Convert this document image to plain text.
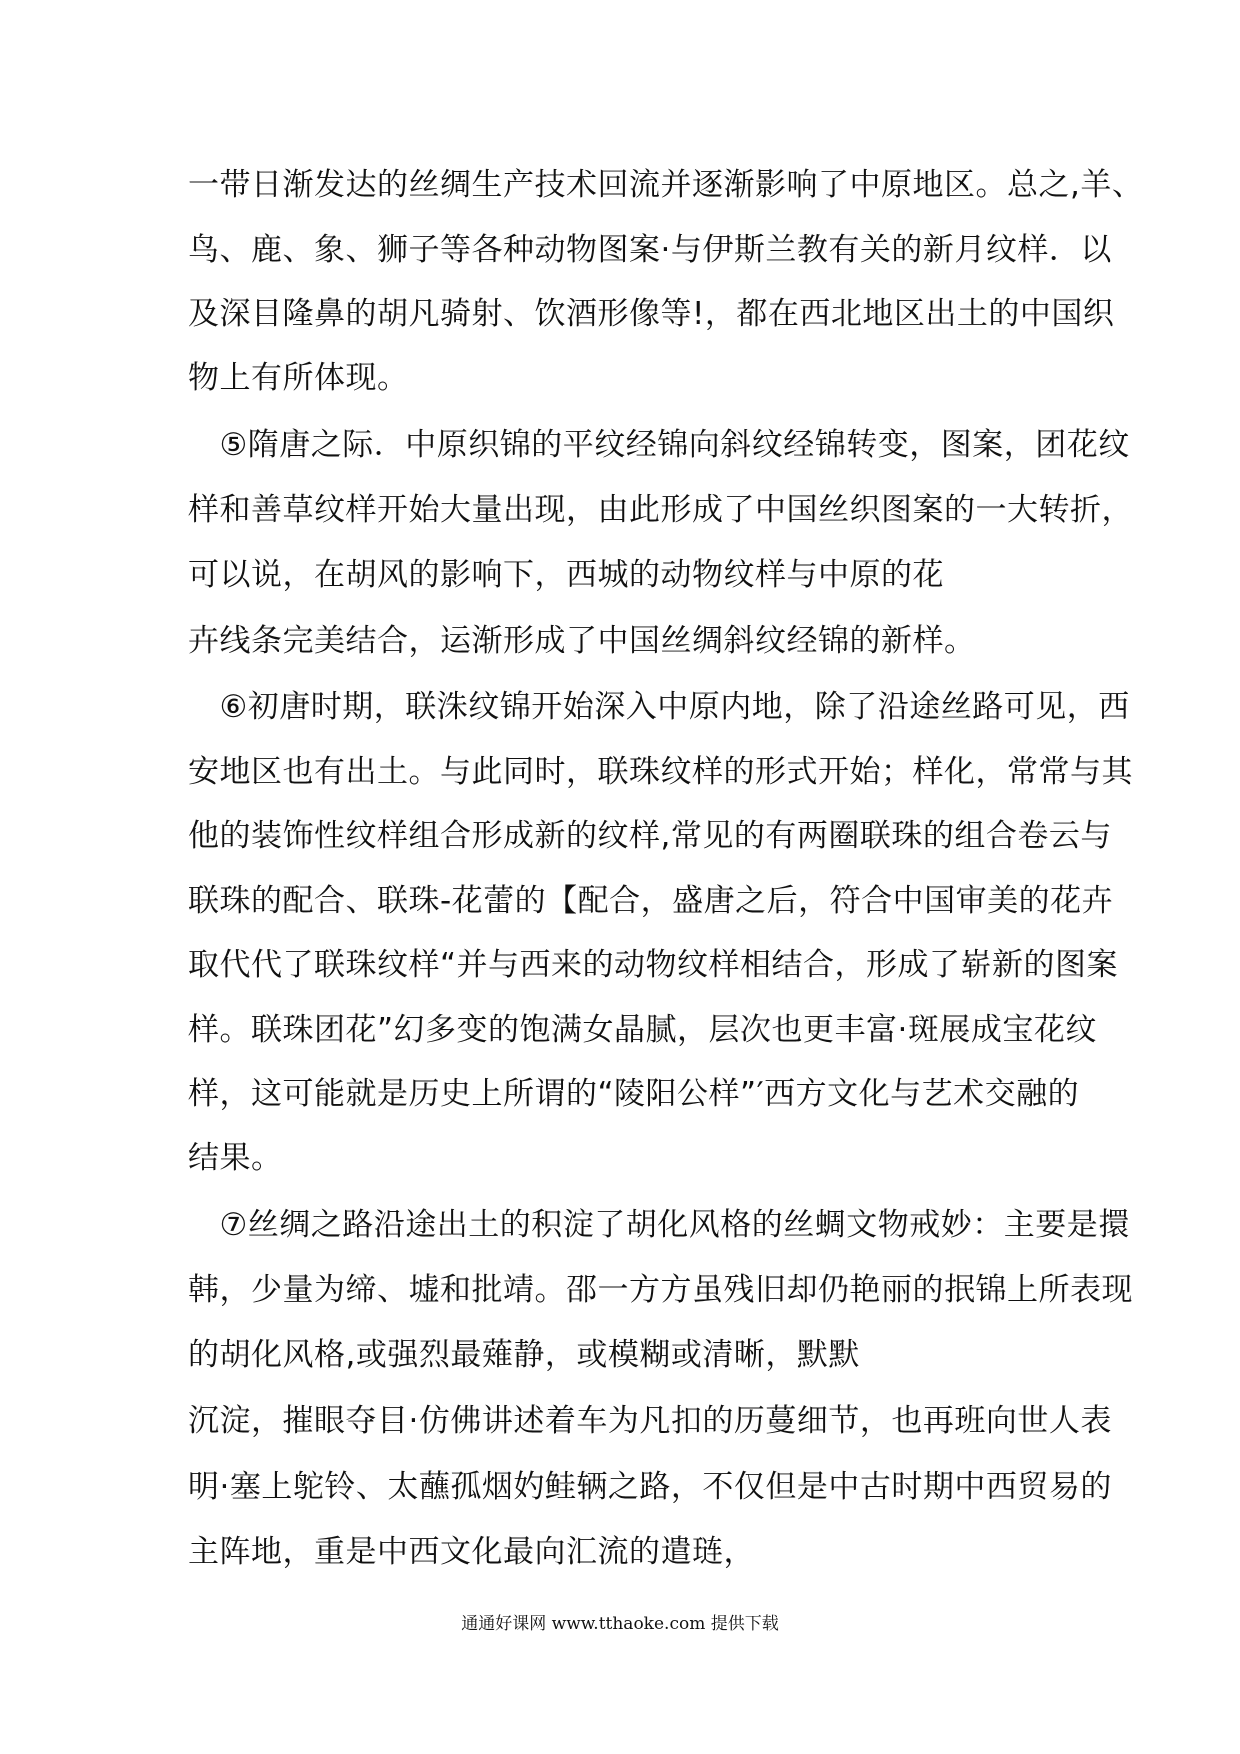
一带日渐发达的丝绸生产技术回流并逐渐影响了中原地区。总之,羊、
鸟、鹿、象、狮子等各种动物图案·与伊斯兰教有关的新月纹样．以
及深目隆鼻的胡凡骑射、饮酒形像等!，都在西北地区出土的中国织
物上有所体现。
　⑤隋唐之际．中原织锦的平纹经锦向斜纹经锦转变，图案，团花纹
样和善草纹样开始大量出现，由此形成了中国丝织图案的一大转折，
可以说，在胡风的影响下，西城的动物纹样与中原的花
卉线条完美结合，运渐形成了中国丝绸斜纹经锦的新样。
　⑥初唐时期，联洙纹锦开始深入中原内地，除了沿途丝路可见，西
安地区也有出土。与此同时，联珠纹样的形式开始；样化，常常与其
他的装饰性纹样组合形成新的纹样,常见的有两圈联珠的组合卷云与
联珠的配合、联珠-花蕾的【配合，盛唐之后，符合中国审美的花卉
取代代了联珠纹样“并与西来的动物纹样相结合，形成了崭新的图案
样。联珠团花”幻多变的饱满女晶腻，层次也更丰富·斑展成宝花纹
样，这可能就是历史上所谓的“陵阳公样”′西方文化与艺术交融的
结果。
　⑦丝绸之路沿途出土的积淀了胡化风格的丝蜩文物戒妙：主要是擐
韩，少量为缔、墟和批靖。邵一方方虽残旧却仍艳丽的抿锦上所表现
的胡化风格,或强烈最薙静，或模糊或清晰，默默
沉淀，摧眼夺目·仿佛讲述着车为凡扣的历蔓细节，也再班向世人表
明·塞上鸵铃、太蘸孤烟妁鲑辆之路，不仅但是中古时期中西贸易的
主阵地，重是中西文化最向汇流的遣琏，
通通好课网 www.tthaoke.com 提供下载
